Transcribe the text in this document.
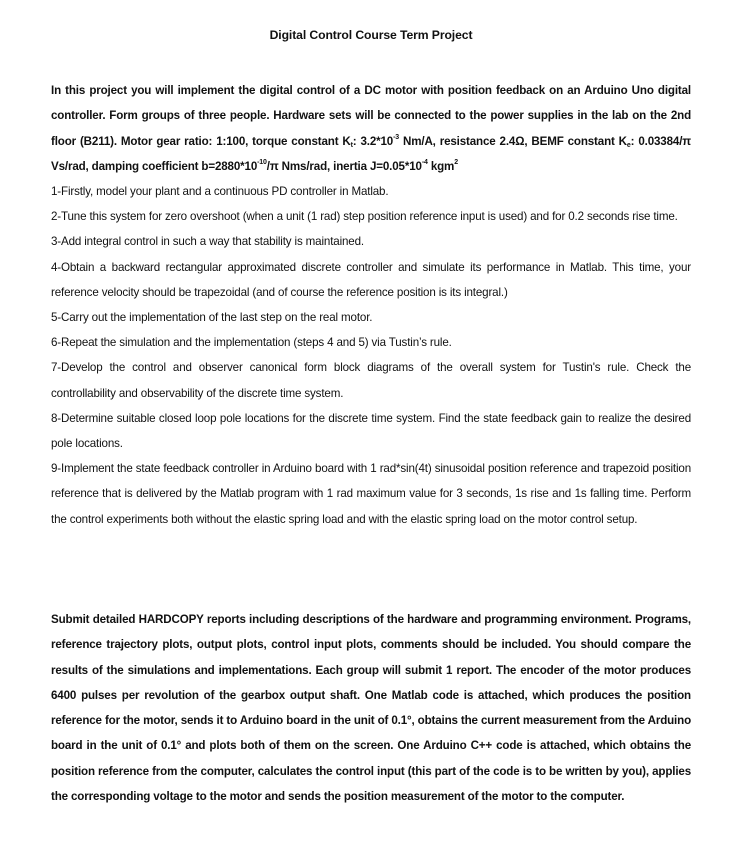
Digital Control Course Term Project
In this project you will implement the digital control of a DC motor with position feedback on an Arduino Uno digital controller. Form groups of three people. Hardware sets will be connected to the power supplies in the lab on the 2nd floor (B211). Motor gear ratio: 1:100, torque constant $K_t$: $3.2*10^{-3}$ Nm/A, resistance 2.4Ω, BEMF constant $K_e$: 0.03384/π Vs/rad, damping coefficient $b=2880*10^{-10}/\pi$ Nms/rad, inertia $J=0.05*10^{-4}$ kgm$^2$

1-Firstly, model your plant and a continuous PD controller in Matlab.

2-Tune this system for zero overshoot (when a unit (1 rad) step position reference input is used) and for 0.2 seconds rise time.

3-Add integral control in such a way that stability is maintained.

4-Obtain a backward rectangular approximated discrete controller and simulate its performance in Matlab. This time, your reference velocity should be trapezoidal (and of course the reference position is its integral.)

5-Carry out the implementation of the last step on the real motor.

6-Repeat the simulation and the implementation (steps 4 and 5) via Tustin’s rule.

7-Develop the control and observer canonical form block diagrams of the overall system for Tustin's rule. Check the controllability and observability of the discrete time system.

8-Determine suitable closed loop pole locations for the discrete time system. Find the state feedback gain to realize the desired pole locations.

9-Implement the state feedback controller in Arduino board with 1 rad*sin(4t) sinusoidal position reference and trapezoid position reference that is delivered by the Matlab program with 1 rad maximum value for 3 seconds, 1s rise and 1s falling time. Perform the control experiments both without the elastic spring load and with the elastic spring load on the motor control setup.

Submit detailed HARDCOPY reports including descriptions of the hardware and programming environment. Programs, reference trajectory plots, output plots, control input plots, comments should be included. You should compare the results of the simulations and implementations. Each group will submit 1 report. The encoder of the motor produces 6400 pulses per revolution of the gearbox output shaft. One Matlab code is attached, which produces the position reference for the motor, sends it to Arduino board in the unit of 0.1°, obtains the current measurement from the Arduino board in the unit of 0.1° and plots both of them on the screen. One Arduino C++ code is attached, which obtains the position reference from the computer, calculates the control input (this part of the code is to be written by you), applies the corresponding voltage to the motor and sends the position measurement of the motor to the computer.
